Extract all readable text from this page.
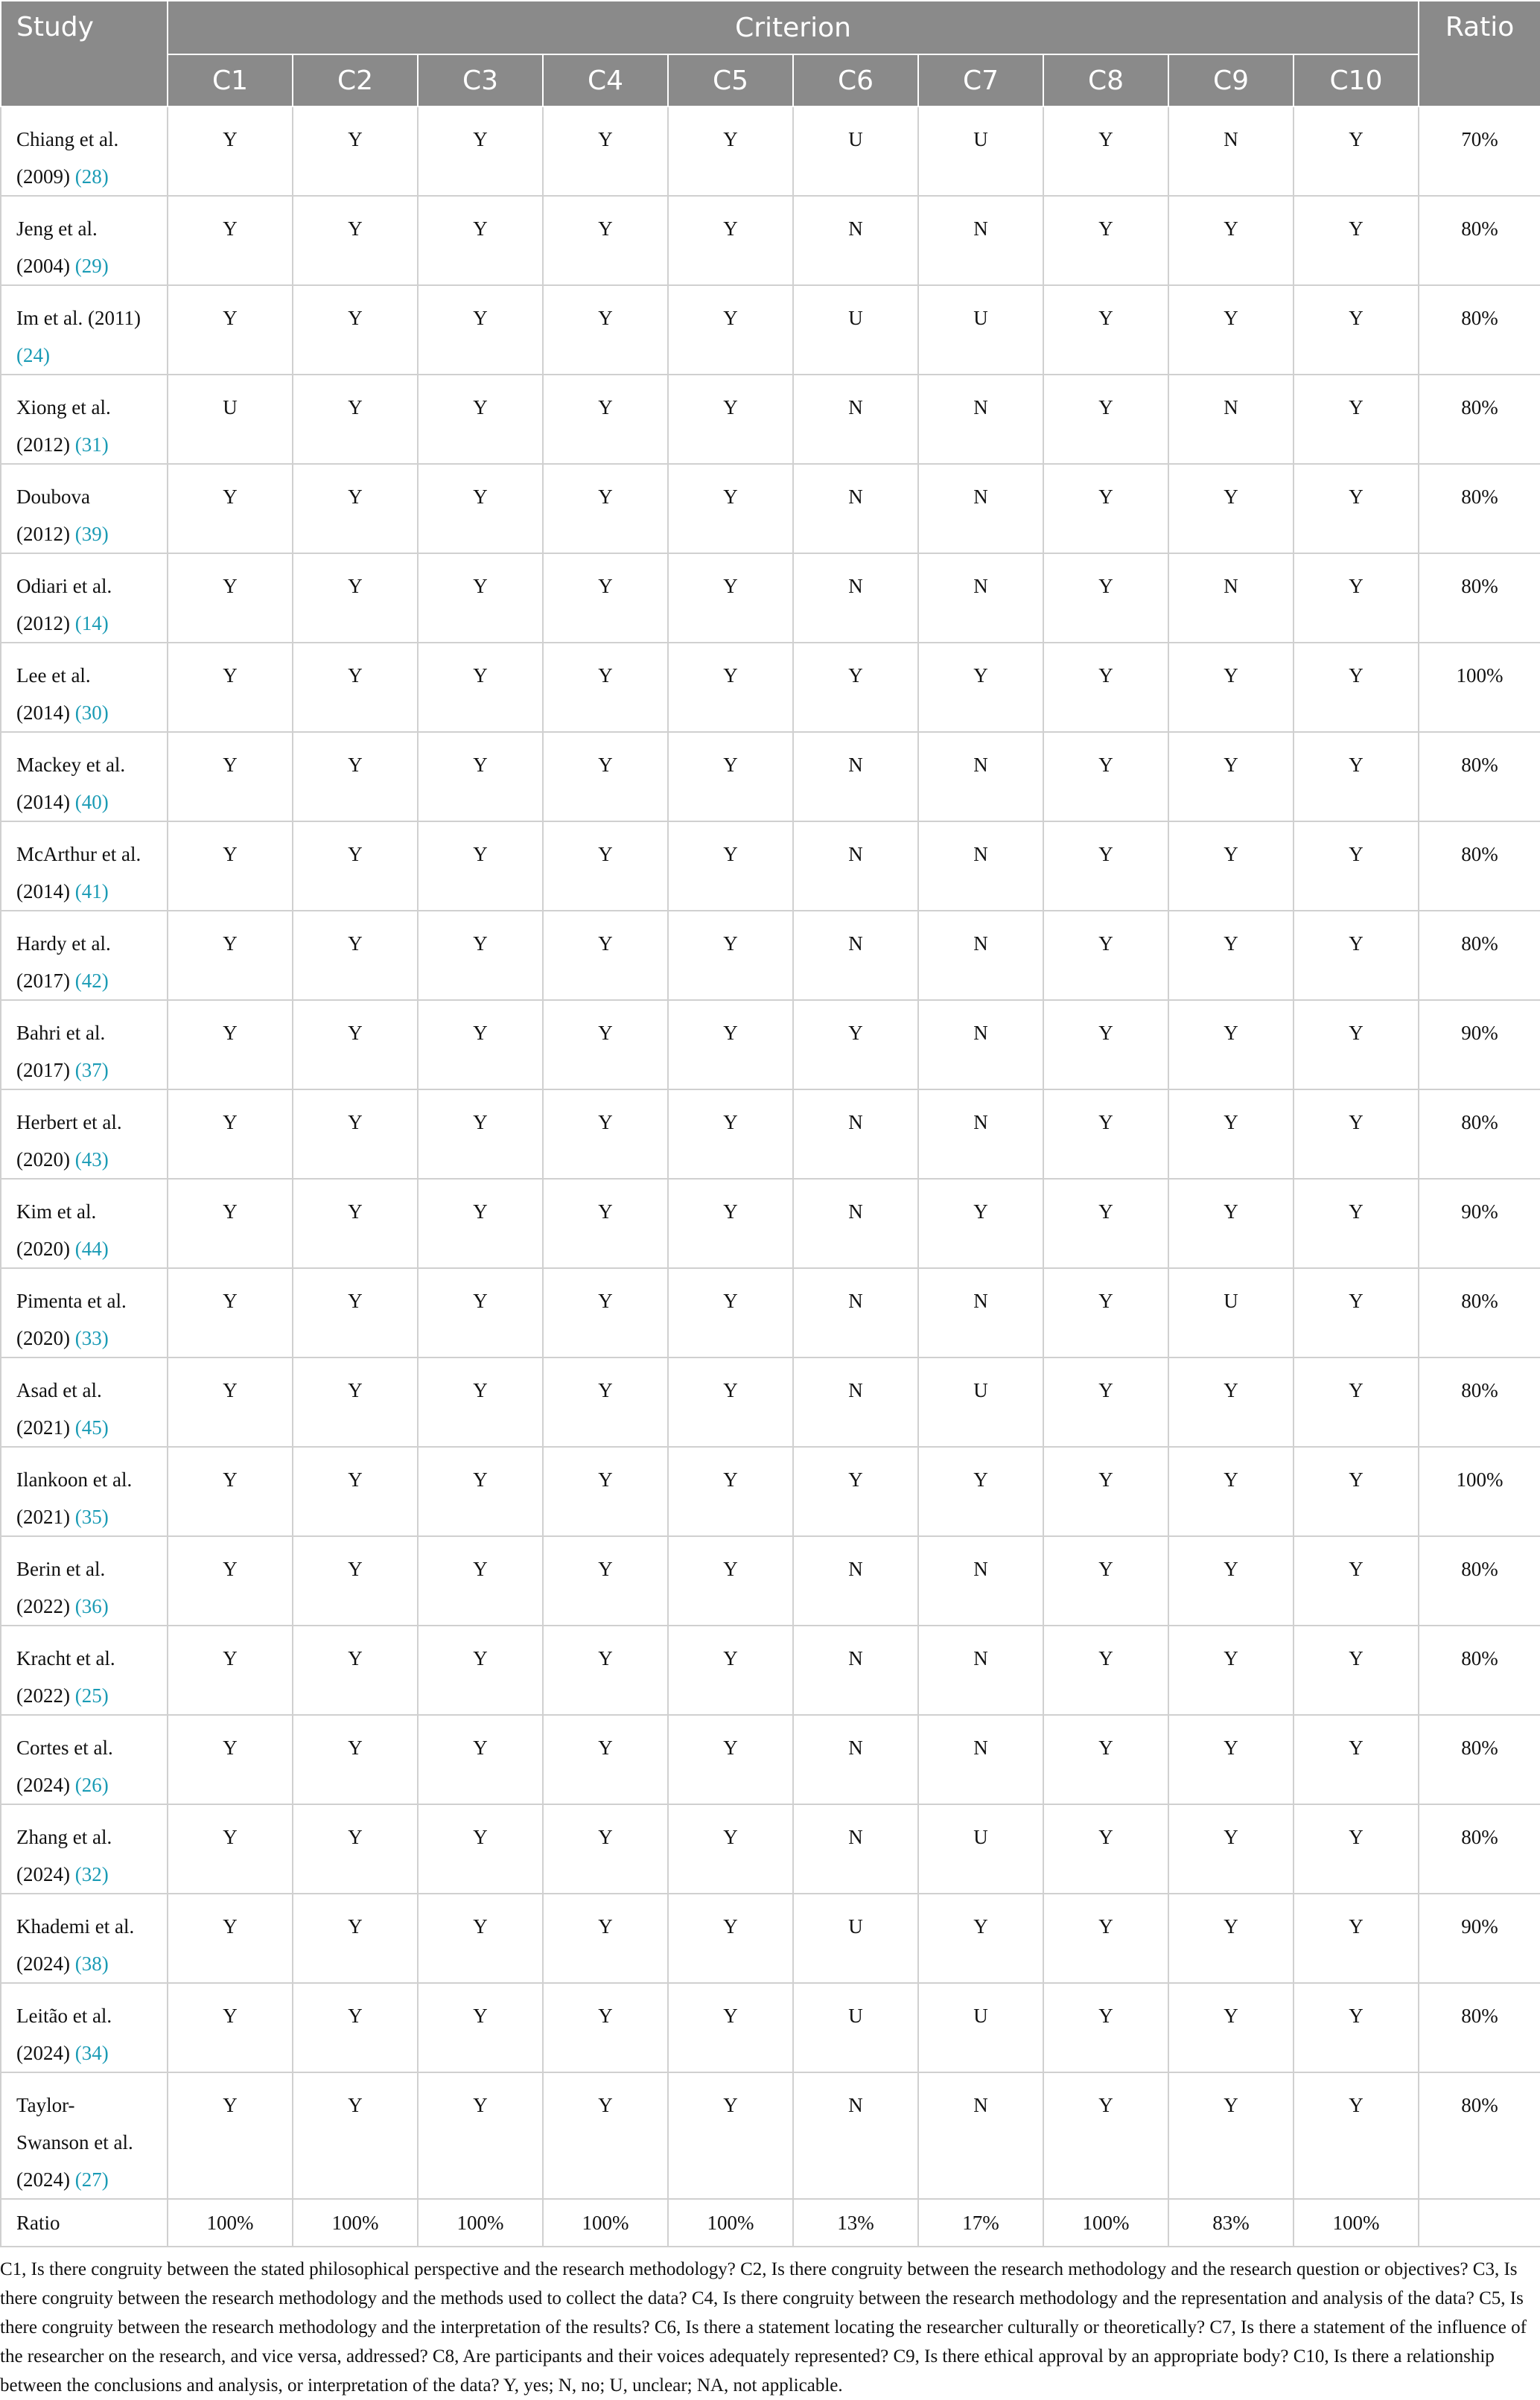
Study	Criterion										Ratio
	C1	C2	C3	C4	C5	C6	C7	C8	C9	C10	
Chiang et al.
(2009) (28)	Y	Y	Y	Y	Y	U	U	Y	N	Y	70%
Jeng et al.
(2004) (29)	Y	Y	Y	Y	Y	N	N	Y	Y	Y	80%
Im et al. (2011)
(24)	Y	Y	Y	Y	Y	U	U	Y	Y	Y	80%
Xiong et al.
(2012) (31)	U	Y	Y	Y	Y	N	N	Y	N	Y	80%
Doubova
(2012) (39)	Y	Y	Y	Y	Y	N	N	Y	Y	Y	80%
Odiari et al.
(2012) (14)	Y	Y	Y	Y	Y	N	N	Y	N	Y	80%
Lee et al.
(2014) (30)	Y	Y	Y	Y	Y	Y	Y	Y	Y	Y	100%
Mackey et al.
(2014) (40)	Y	Y	Y	Y	Y	N	N	Y	Y	Y	80%
McArthur et al.
(2014) (41)	Y	Y	Y	Y	Y	N	N	Y	Y	Y	80%
Hardy et al.
(2017) (42)	Y	Y	Y	Y	Y	N	N	Y	Y	Y	80%
Bahri et al.
(2017) (37)	Y	Y	Y	Y	Y	Y	N	Y	Y	Y	90%
Herbert et al.
(2020) (43)	Y	Y	Y	Y	Y	N	N	Y	Y	Y	80%
Kim et al.
(2020) (44)	Y	Y	Y	Y	Y	N	Y	Y	Y	Y	90%
Pimenta et al.
(2020) (33)	Y	Y	Y	Y	Y	N	N	Y	U	Y	80%
Asad et al.
(2021) (45)	Y	Y	Y	Y	Y	N	U	Y	Y	Y	80%
Ilankoon et al.
(2021) (35)	Y	Y	Y	Y	Y	Y	Y	Y	Y	Y	100%
Berin et al.
(2022) (36)	Y	Y	Y	Y	Y	N	N	Y	Y	Y	80%
Kracht et al.
(2022) (25)	Y	Y	Y	Y	Y	N	N	Y	Y	Y	80%
Cortes et al.
(2024) (26)	Y	Y	Y	Y	Y	N	N	Y	Y	Y	80%
Zhang et al.
(2024) (32)	Y	Y	Y	Y	Y	N	U	Y	Y	Y	80%
Khademi et al.
(2024) (38)	Y	Y	Y	Y	Y	U	Y	Y	Y	Y	90%
Leitão et al.
(2024) (34)	Y	Y	Y	Y	Y	U	U	Y	Y	Y	80%
Taylor-
Swanson et al.
(2024) (27)	Y	Y	Y	Y	Y	N	N	Y	Y	Y	80%
Ratio	100%	100%	100%	100%	100%	13%	17%	100%	83%	100%	

C1, Is there congruity between the stated philosophical perspective and the research methodology? C2, Is there congruity between the research methodology and the research question or objectives? C3, Is there congruity between the research methodology and the methods used to collect the data? C4, Is there congruity between the research methodology and the representation and analysis of the data? C5, Is there congruity between the research methodology and the interpretation of the results? C6, Is there a statement locating the researcher culturally or theoretically? C7, Is there a statement of the influence of the researcher on the research, and vice versa, addressed? C8, Are participants and their voices adequately represented? C9, Is there ethical approval by an appropriate body? C10, Is there a relationship between the conclusions and analysis, or interpretation of the data? Y, yes; N, no; U, unclear; NA, not applicable.
